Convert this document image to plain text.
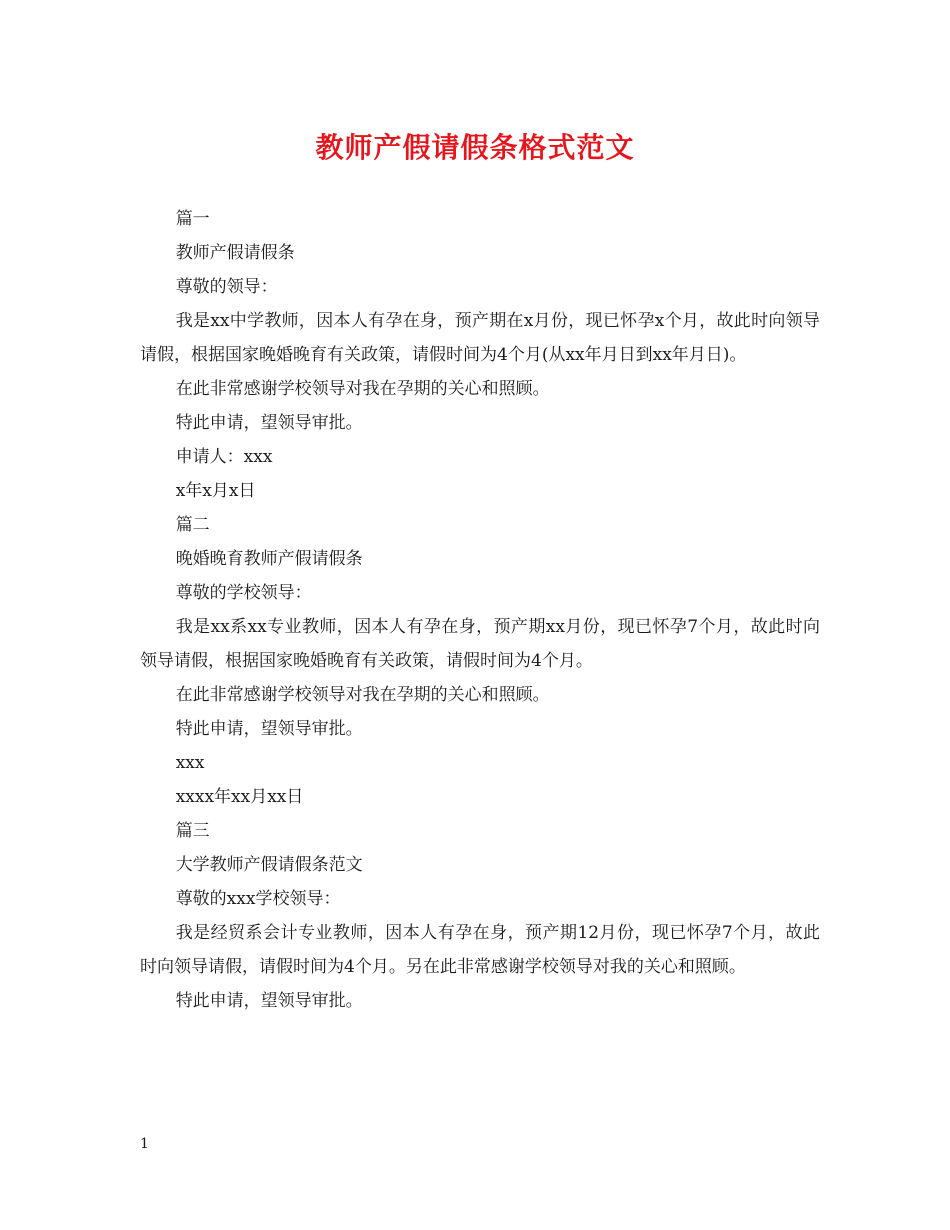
教师产假请假条格式范文

篇一

教师产假请假条

尊敬的领导：

我是xx中学教师，因本人有孕在身，预产期在x月份，现已怀孕x个月，故此时向领导请假，根据国家晚婚晚育有关政策，请假时间为4个月(从xx年月日到xx年月日)。

在此非常感谢学校领导对我在孕期的关心和照顾。

特此申请，望领导审批。

申请人：xxx

x年x月x日

篇二

晚婚晚育教师产假请假条

尊敬的学校领导：

我是xx系xx专业教师，因本人有孕在身，预产期xx月份，现已怀孕7个月，故此时向领导请假，根据国家晚婚晚育有关政策，请假时间为4个月。

在此非常感谢学校领导对我在孕期的关心和照顾。

特此申请，望领导审批。

xxx

xxxx年xx月xx日

篇三

大学教师产假请假条范文

尊敬的xxx学校领导：

我是经贸系会计专业教师，因本人有孕在身，预产期12月份，现已怀孕7个月，故此时向领导请假，请假时间为4个月。另在此非常感谢学校领导对我的关心和照顾。

特此申请，望领导审批。

1
